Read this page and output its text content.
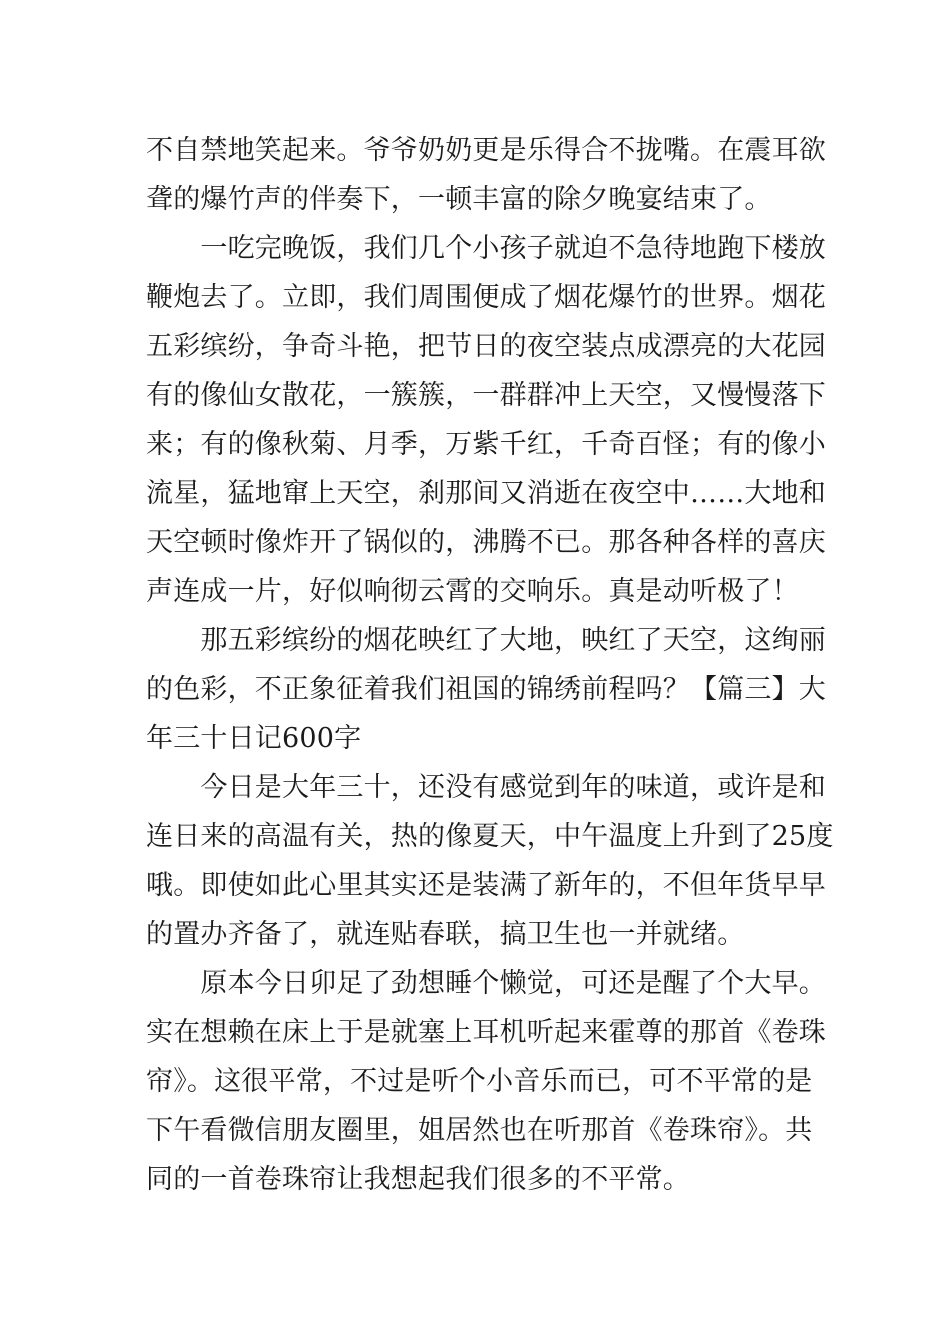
不自禁地笑起来。爷爷奶奶更是乐得合不拢嘴。在震耳欲
聋的爆竹声的伴奏下，一顿丰富的除夕晚宴结束了。
　　一吃完晚饭，我们几个小孩子就迫不急待地跑下楼放
鞭炮去了。立即，我们周围便成了烟花爆竹的世界。烟花
五彩缤纷，争奇斗艳，把节日的夜空装点成漂亮的大花园
有的像仙女散花，一簇簇，一群群冲上天空，又慢慢落下
来；有的像秋菊、月季，万紫千红，千奇百怪；有的像小
流星，猛地窜上天空，刹那间又消逝在夜空中……大地和
天空顿时像炸开了锅似的，沸腾不已。那各种各样的喜庆
声连成一片，好似响彻云霄的交响乐。真是动听极了！
　　那五彩缤纷的烟花映红了大地，映红了天空，这绚丽
的色彩，不正象征着我们祖国的锦绣前程吗？【篇三】大
年三十日记600字
　　今日是大年三十，还没有感觉到年的味道，或许是和
连日来的高温有关，热的像夏天，中午温度上升到了25度
哦。即使如此心里其实还是装满了新年的，不但年货早早
的置办齐备了，就连贴春联，搞卫生也一并就绪。
　　原本今日卯足了劲想睡个懒觉，可还是醒了个大早。
实在想赖在床上于是就塞上耳机听起来霍尊的那首《卷珠
帘》。这很平常，不过是听个小音乐而已，可不平常的是
下午看微信朋友圈里，姐居然也在听那首《卷珠帘》。共
同的一首卷珠帘让我想起我们很多的不平常。
